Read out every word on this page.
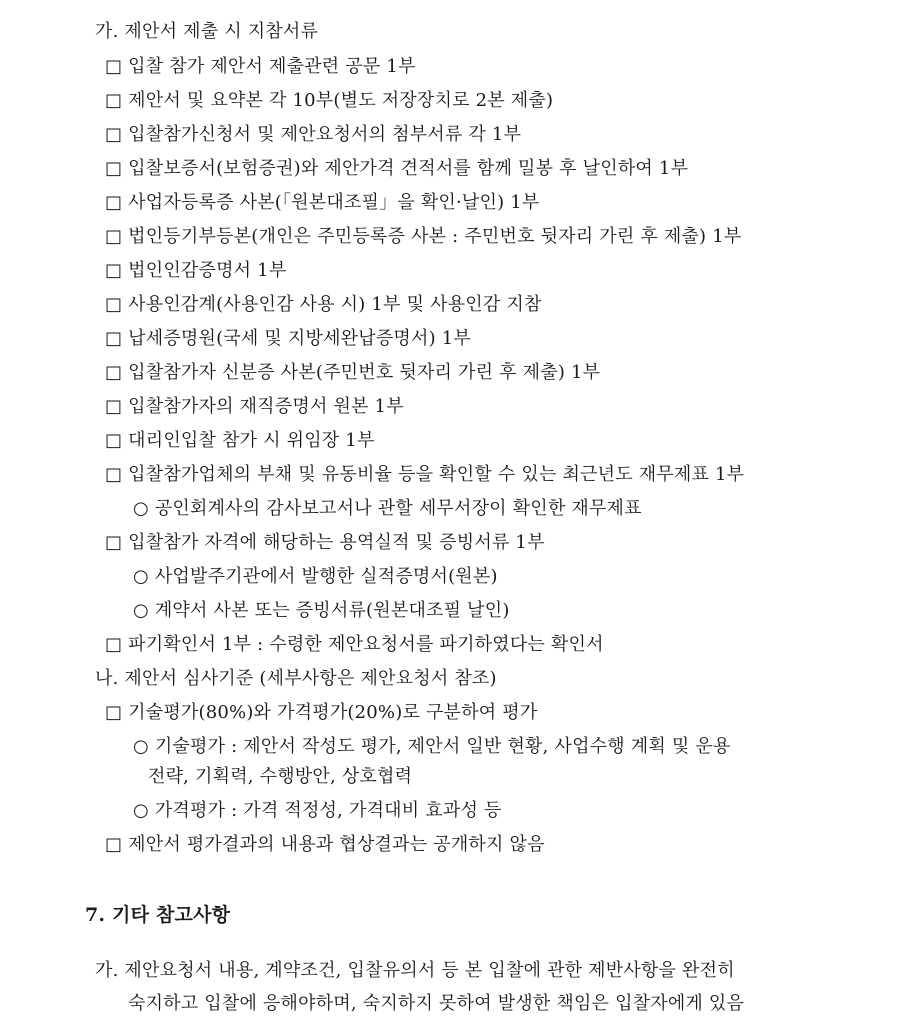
가. 제안서 제출 시 지참서류
□ 입찰 참가 제안서 제출관련 공문 1부
□ 제안서 및 요약본 각 10부(별도 저장장치로 2본 제출)
□ 입찰참가신청서 및 제안요청서의 첨부서류 각 1부
□ 입찰보증서(보험증권)와 제안가격 견적서를 함께 밀봉 후 날인하여 1부
□ 사업자등록증 사본(「원본대조필」을 확인·날인) 1부
□ 법인등기부등본(개인은 주민등록증 사본 : 주민번호 뒷자리 가린 후 제출) 1부
□ 법인인감증명서 1부
□ 사용인감계(사용인감 사용 시) 1부 및 사용인감 지참
□ 납세증명원(국세 및 지방세완납증명서) 1부
□ 입찰참가자 신분증 사본(주민번호 뒷자리 가린 후 제출) 1부
□ 입찰참가자의 재직증명서 원본 1부
□ 대리인입찰 참가 시 위임장 1부
□ 입찰참가업체의 부채 및 유동비율 등을 확인할 수 있는 최근년도 재무제표 1부
○ 공인회계사의 감사보고서나 관할 세무서장이 확인한 재무제표
□ 입찰참가 자격에 해당하는 용역실적 및 증빙서류 1부
○ 사업발주기관에서 발행한 실적증명서(원본)
○ 계약서 사본 또는 증빙서류(원본대조필 날인)
□ 파기확인서 1부 : 수령한 제안요청서를 파기하였다는 확인서
나. 제안서 심사기준 (세부사항은 제안요청서 참조)
□ 기술평가(80%)와 가격평가(20%)로 구분하여 평가
○ 기술평가 : 제안서 작성도 평가, 제안서 일반 현황, 사업수행 계획 및 운용
전략, 기획력, 수행방안, 상호협력
○ 가격평가 : 가격 적정성, 가격대비 효과성 등
□ 제안서 평가결과의 내용과 협상결과는 공개하지 않음
7. 기타 참고사항
가. 제안요청서 내용, 계약조건, 입찰유의서 등 본 입찰에 관한 제반사항을 완전히
숙지하고 입찰에 응해야하며, 숙지하지 못하여 발생한 책임은 입찰자에게 있음
